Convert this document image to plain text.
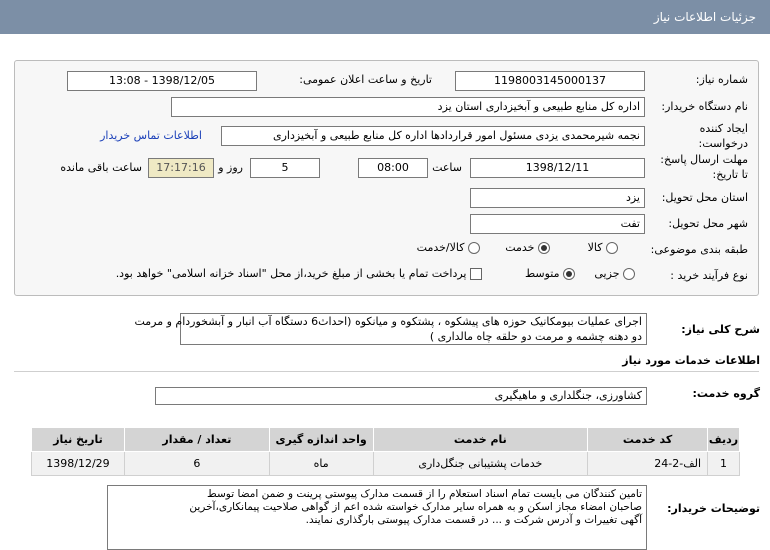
جزئیات اطلاعات نیاز
شماره نیاز:
1198003145000137
تاریخ و ساعت اعلان عمومی:
1398/12/05 - 13:08
نام دستگاه خریدار:
اداره کل منابع طبیعی و آبخیزداری استان یزد
ایجاد کننده
درخواست:
نجمه شیرمحمدی یزدی مسئول امور قراردادها اداره کل منابع طبیعی و آبخیزداری
اطلاعات تماس خریدار
مهلت ارسال پاسخ:
تا تاریخ:
1398/12/11
ساعت
08:00
5
روز و
17:17:16
ساعت باقی مانده
استان محل تحویل:
یزد
شهر محل تحویل:
تفت
طبقه بندی موضوعی:
کالا
خدمت
کالا/خدمت
نوع فرآیند خرید :
جزیی
متوسط
پرداخت تمام یا بخشی از مبلغ خرید،از محل "اسناد خزانه اسلامی" خواهد بود.
شرح کلی نیاز:
اجرای عملیات بیومکانیک حوزه های پیشکوه ، پشتکوه و میانکوه (احداث6 دستگاه آب انبار و آبشخوردام و مرمت
دو دهنه چشمه و مرمت دو حلقه چاه مالداری )
اطلاعات خدمات مورد نیاز
گروه خدمت:
کشاورزی، جنگلداری و ماهیگیری
ردیف	کد خدمت	نام خدمت	واحد اندازه گیری	تعداد / مقدار	تاریخ نیاز
1	الف-2-24	خدمات پشتیبانی جنگل‌داری	ماه	6	1398/12/29
توضیحات خریدار:
تامین کنندگان می بایست تمام اسناد استعلام را از قسمت مدارک پیوستی پرینت و ضمن امضا توسط
صاحبان امضاء مجاز اسکن و به همراه سایر مدارک خواسته شده اعم از گواهی صلاحیت پیمانکاری،آخرین
آگهی تغییرات و آدرس شرکت و ... در قسمت مدارک پیوستی بارگذاری نمایند.
